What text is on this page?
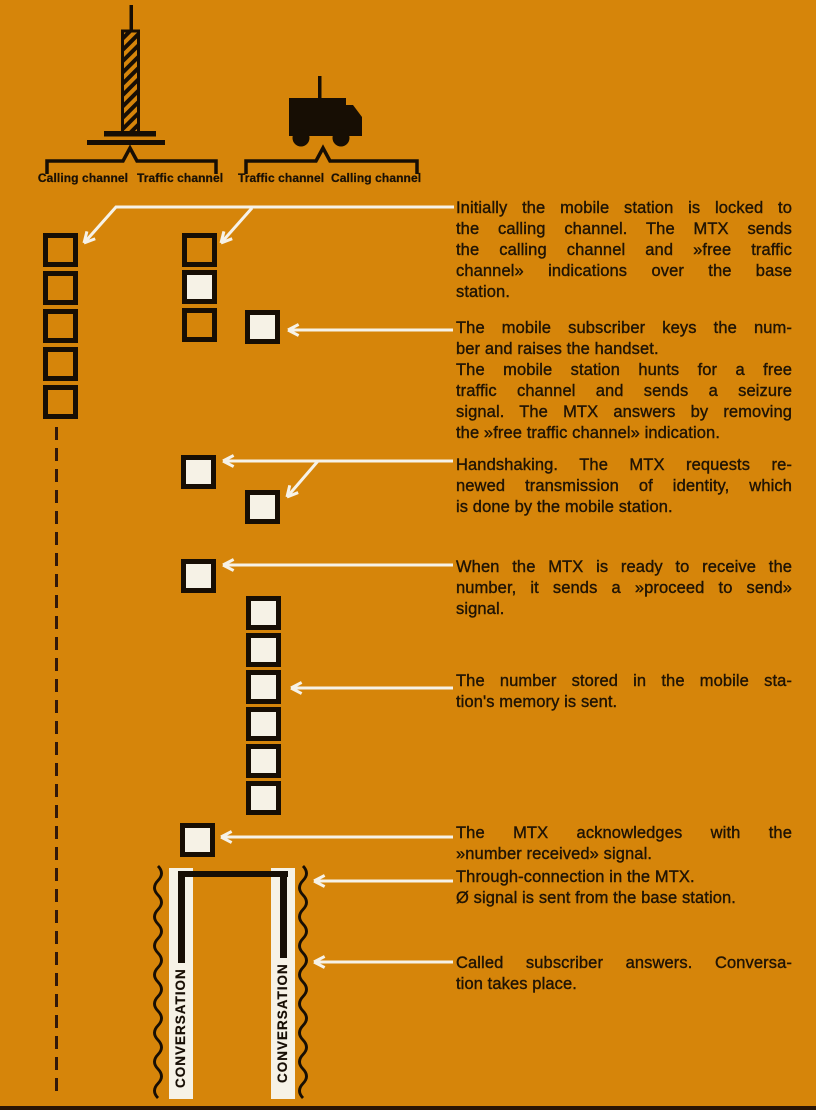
Calling channel Traffic channel Traffic channel Calling channel
Initially the mobile station is locked to
the calling channel. The MTX sends
the calling channel and »free traffic
channel» indications over the base
station.
The mobile subscriber keys the num-
ber and raises the handset.
The mobile station hunts for a free
traffic channel and sends a seizure
signal. The MTX answers by removing
the »free traffic channel» indication.
Handshaking. The MTX requests re-
newed transmission of identity, which
is done by the mobile station.
When the MTX is ready to receive the
number, it sends a »proceed to send»
signal.
The number stored in the mobile sta-
tion's memory is sent.
The MTX acknowledges with the
»number received» signal.
Through-connection in the MTX.
Ø signal is sent from the base station.
Called subscriber answers. Conversa-
tion takes place.
CONVERSATION	CONVERSATION
